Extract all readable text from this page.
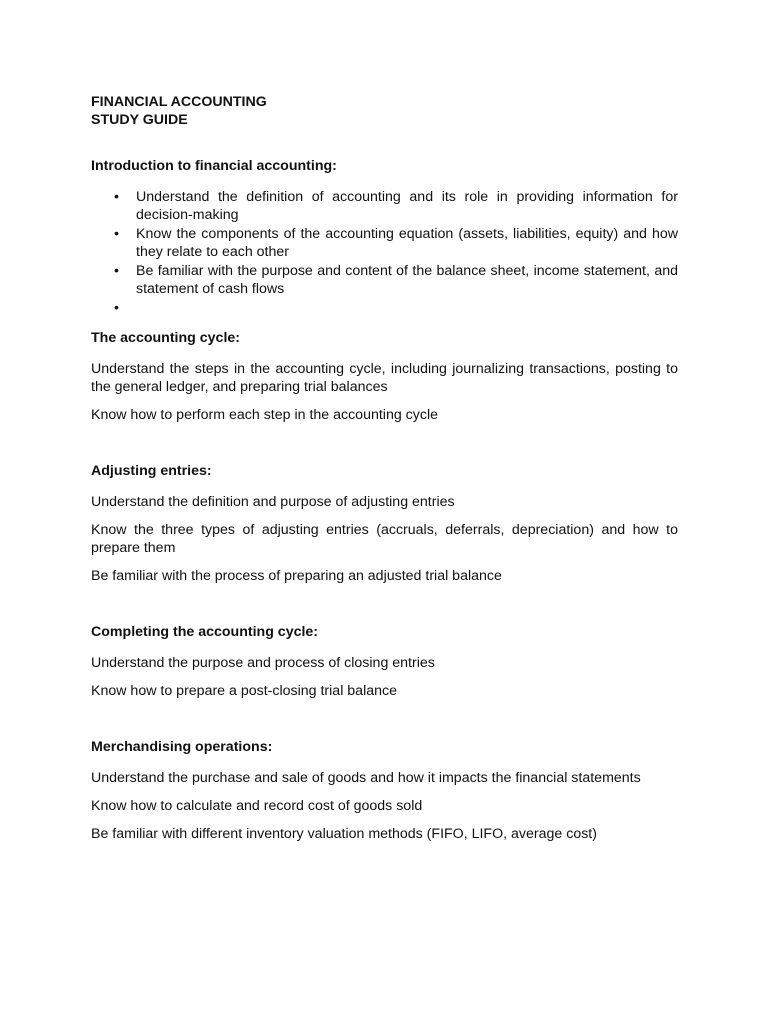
FINANCIAL ACCOUNTING

STUDY GUIDE

Introduction to financial accounting:

• Understand the definition of accounting and its role in providing information for decision-making
• Know the components of the accounting equation (assets, liabilities, equity) and how they relate to each other
• Be familiar with the purpose and content of the balance sheet, income statement, and statement of cash flows
•

The accounting cycle:

Understand the steps in the accounting cycle, including journalizing transactions, posting to the general ledger, and preparing trial balances

Know how to perform each step in the accounting cycle

Adjusting entries:

Understand the definition and purpose of adjusting entries

Know the three types of adjusting entries (accruals, deferrals, depreciation) and how to prepare them

Be familiar with the process of preparing an adjusted trial balance

Completing the accounting cycle:

Understand the purpose and process of closing entries

Know how to prepare a post-closing trial balance

Merchandising operations:

Understand the purchase and sale of goods and how it impacts the financial statements

Know how to calculate and record cost of goods sold

Be familiar with different inventory valuation methods (FIFO, LIFO, average cost)
